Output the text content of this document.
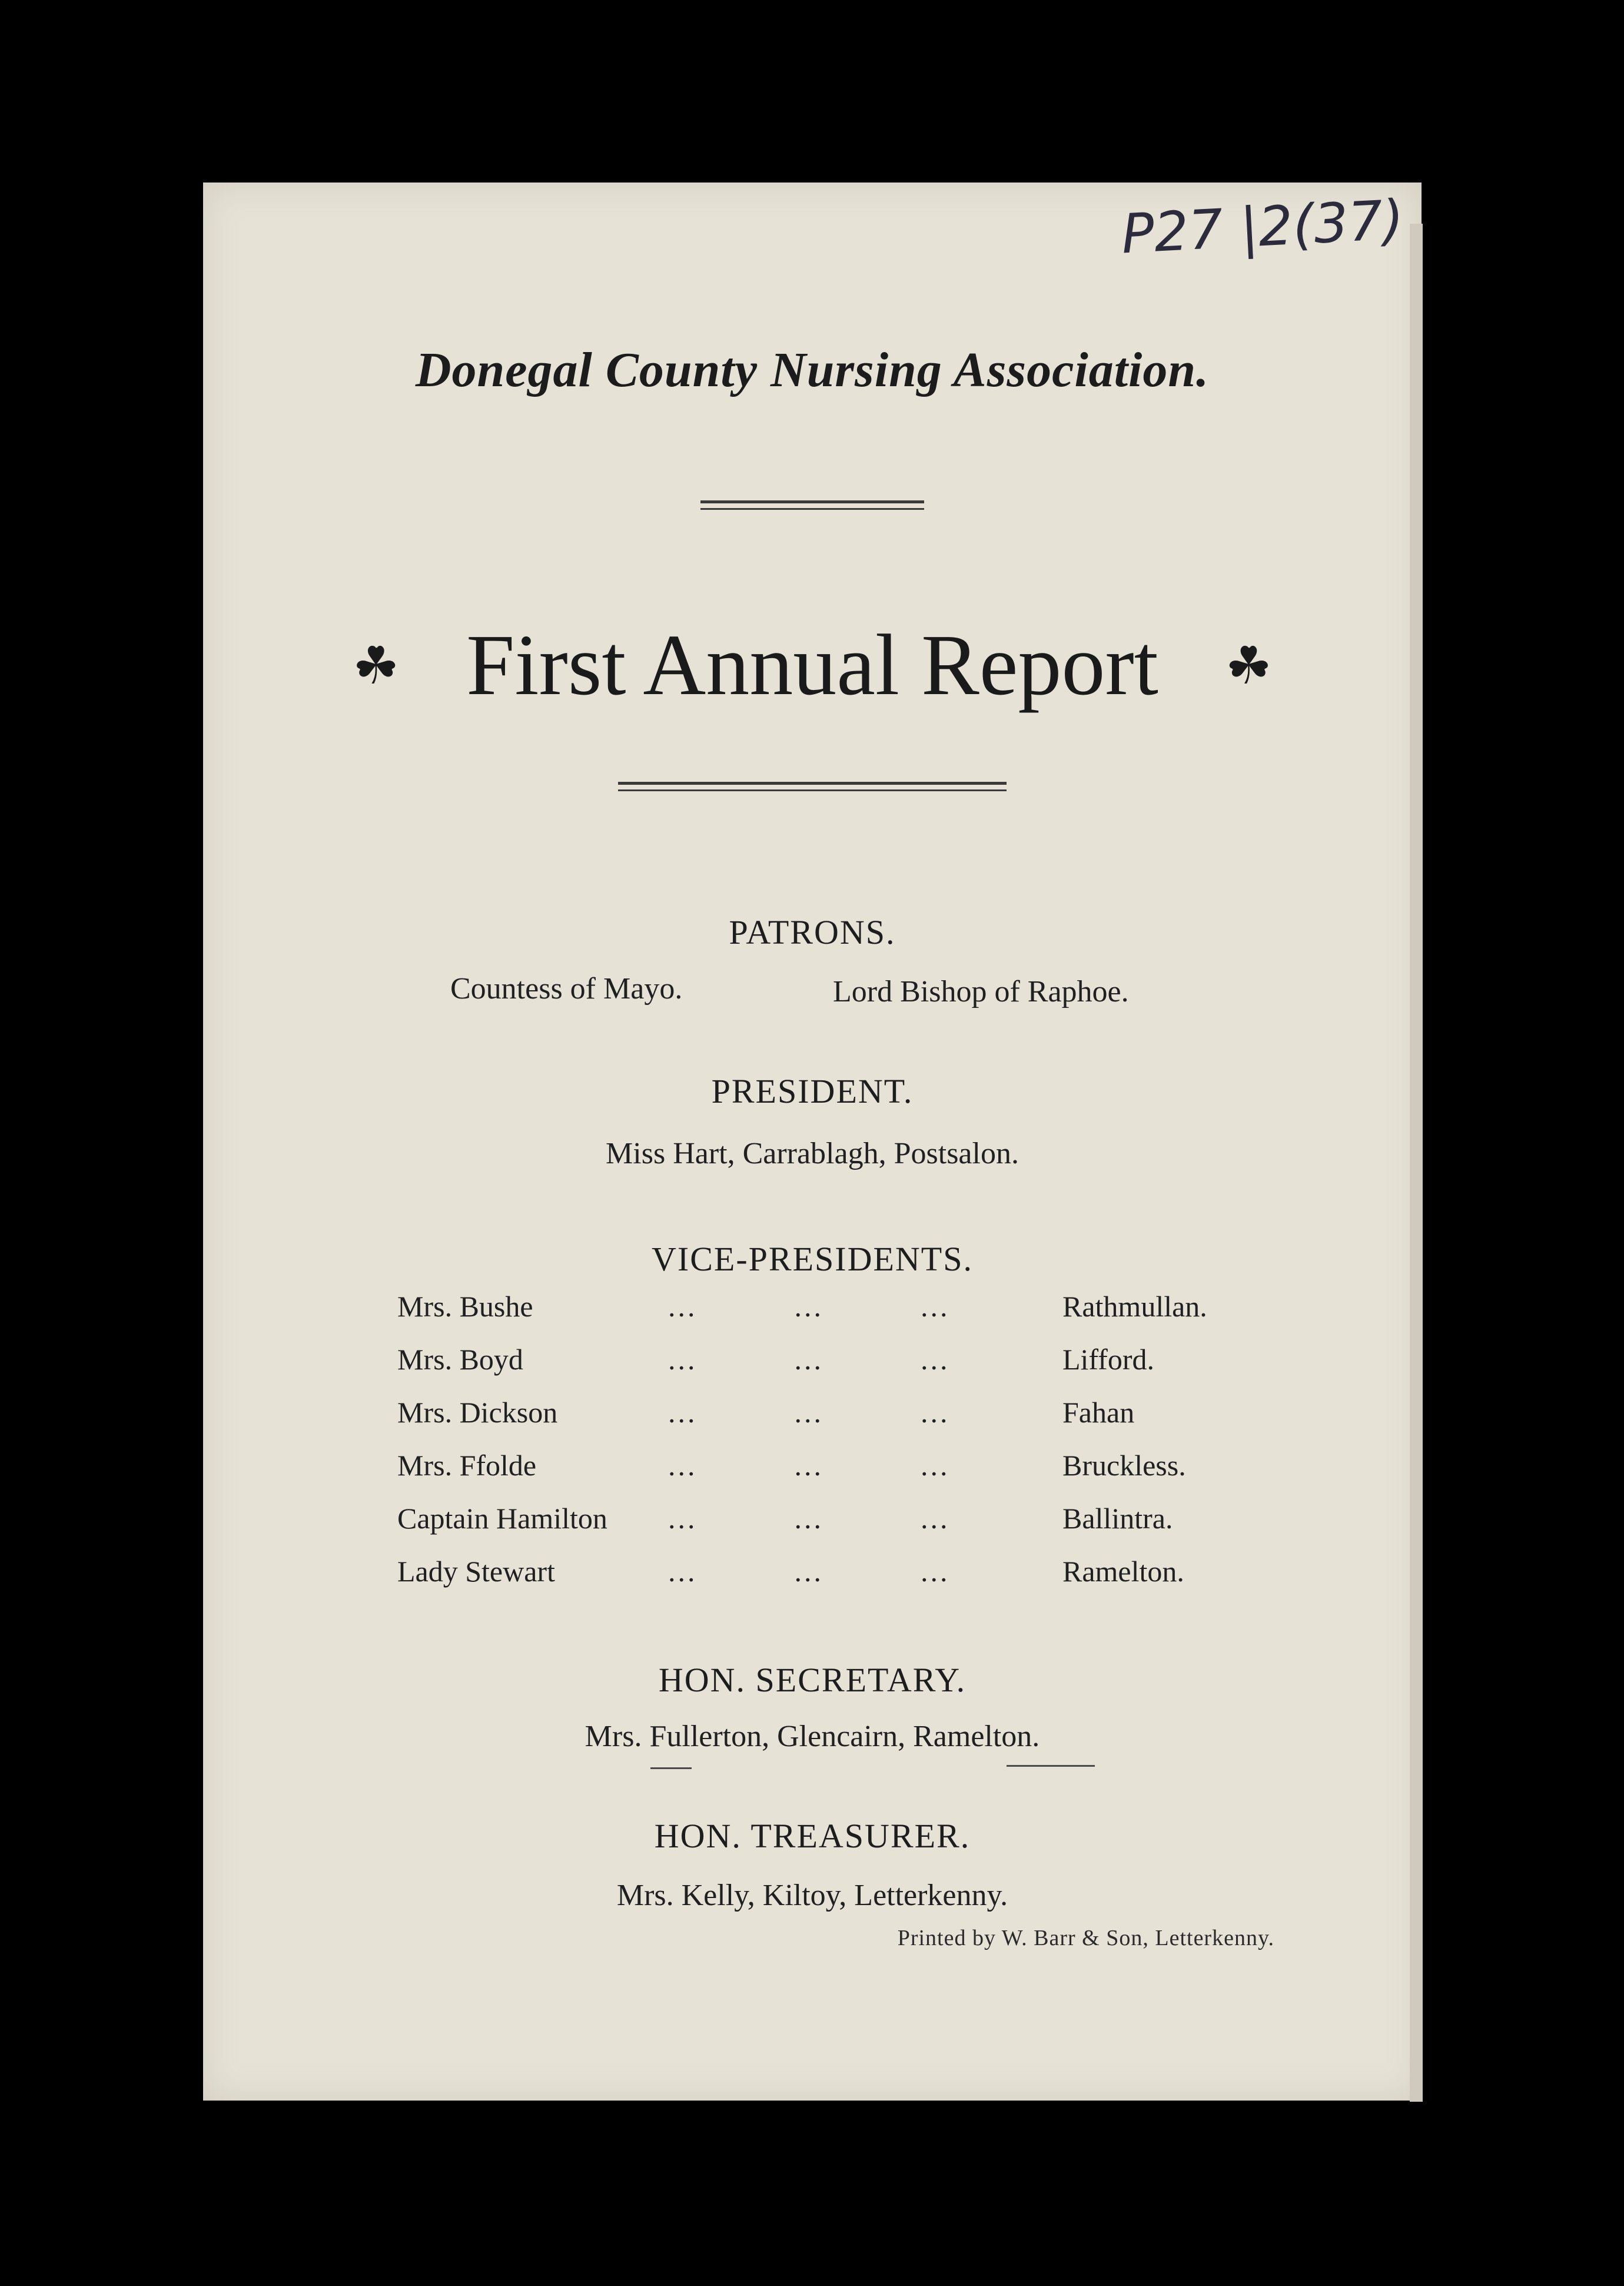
P27 |2(37)
Donegal County Nursing Association.
☘ First Annual Report ☘
PATRONS.
Countess of Mayo.	Lord Bishop of Raphoe.
PRESIDENT.
Miss Hart, Carrablagh, Postsalon.
VICE-PRESIDENTS.
Mrs. Bushe	...          ...          ...	Rathmullan.
Mrs. Boyd	...          ...          ...	Lifford.
Mrs. Dickson	...          ...          ...	Fahan
Mrs. Ffolde	...          ...          ...	Bruckless.
Captain Hamilton ...          ...          ...	Ballintra.
Lady Stewart	...          ...          ...	Ramelton.
HON. SECRETARY.
Mrs. Fullerton, Glencairn, Ramelton.
HON. TREASURER.
Mrs. Kelly, Kiltoy, Letterkenny.
Printed by W. Barr & Son, Letterkenny.
